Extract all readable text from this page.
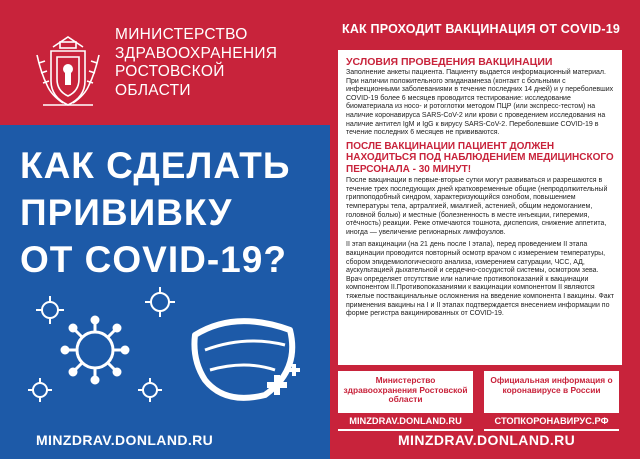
МИНИСТЕРСТВО
ЗДРАВООХРАНЕНИЯ
РОСТОВСКОЙ
ОБЛАСТИ
КАК СДЕЛАТЬ
ПРИВИВКУ
ОТ COVID-19?
MINZDRAV.DONLAND.RU
КАК ПРОХОДИТ ВАКЦИНАЦИЯ ОТ COVID-19

УСЛОВИЯ ПРОВЕДЕНИЯ ВАКЦИНАЦИИ

Заполнение анкеты пациента. Пациенту выдается информационный материал. При наличии положительного эпиданамнеза (контакт с больными с инфекционными заболеваниями в течение последних 14 дней) и у переболевших COVID-19 более 6 месяцев проводится тестирование: исследование биоматериала из носо- и ротоглотки методом ПЦР (или экспресс-тестом) на наличие коронавируса SARS-CoV-2 или крови с проведением исследования на наличие антител IgM и IgG к вирусу SARS-CoV-2. Переболевшие COVID-19 в течение последних 6 месяцев не прививаются.

ПОСЛЕ ВАКЦИНАЦИИ ПАЦИЕНТ ДОЛЖЕН НАХОДИТЬСЯ ПОД НАБЛЮДЕНИЕМ МЕДИЦИНСКОГО ПЕРСОНАЛА - 30 МИНУТ!

После вакцинации в первые-вторые сутки могут развиваться и разрешаются в течение трех последующих дней кратковременные общие (непродолжительный гриппоподобный синдром, характеризующийся ознобом, повышением температуры тела, артралгией, миалгией, астенией, общим недомоганием, головной болью) и местные (болезненность в месте инъекции, гиперемия, отёчность) реакции. Реже отмечаются тошнота, диспепсия, снижение аппетита, иногда — увеличение регионарных лимфоузлов.

II этап вакцинации (на 21 день после I этапа), перед проведением II этапа вакцинации проводится повторный осмотр врачом с измерением температуры, сбором эпидемиологического анализа, измерением сатурации, ЧСС, АД, аускультацией дыхательной и сердечно-сосудистой системы, осмотром зева. Врач определяет отсутствие или наличие противопоказаний к вакцинации компонентом II.Противопоказаниями к вакцинации компонентом II являются тяжелые поствакцинальные осложнения на введение компонента I вакцины. Факт применения вакцины на I и II этапах подтверждается внесением информации по форме регистра вакцинированных от COVID-19.

Министерство здравоохранения Ростовской области
MINZDRAV.DONLAND.RU
Официальная информация о коронавирусе в России
СТОПКОРОНАВИРУС.РФ
MINZDRAV.DONLAND.RU
